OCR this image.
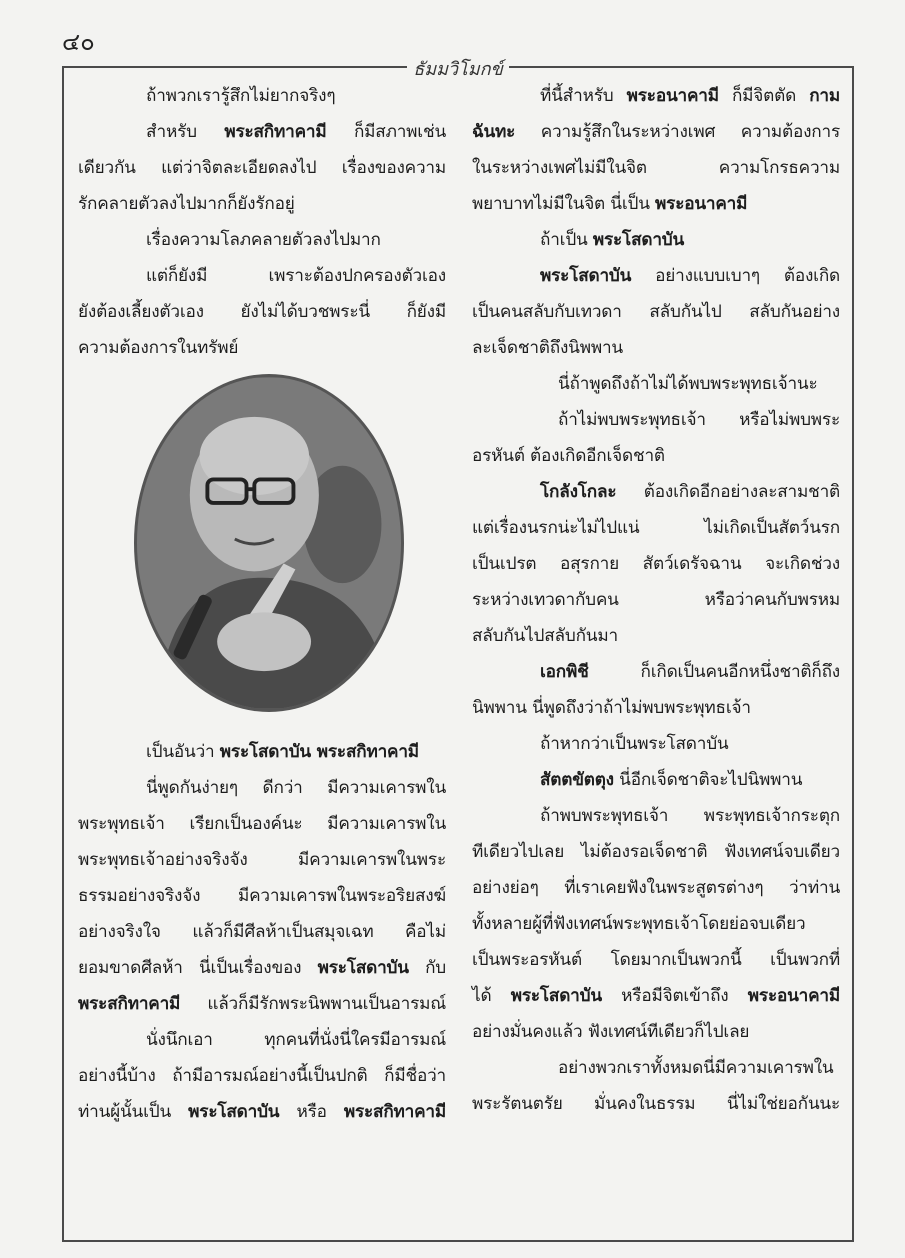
๔๐
ธัมมวิโมกข์
ถ้าพวกเรารู้สึกไม่ยากจริงๆ
สำหรับ พระสกิทาคามี ก็มีสภาพเช่น
เดียวกัน แต่ว่าจิตละเอียดลงไป เรื่องของความ
รักคลายตัวลงไปมากก็ยังรักอยู่
เรื่องความโลภคลายตัวลงไปมาก
แต่ก็ยังมี เพราะต้องปกครองตัวเอง
ยังต้องเลี้ยงตัวเอง ยังไม่ได้บวชพระนี่ ก็ยังมี
ความต้องการในทรัพย์
เป็นอันว่า พระโสดาบัน พระสกิทาคามี
นี่พูดกันง่ายๆ ดีกว่า มีความเคารพใน
พระพุทธเจ้า เรียกเป็นองค์นะ มีความเคารพใน
พระพุทธเจ้าอย่างจริงจัง มีความเคารพในพระ
ธรรมอย่างจริงจัง มีความเคารพในพระอริยสงฆ์
อย่างจริงใจ แล้วก็มีศีลห้าเป็นสมุจเฉท คือไม่
ยอมขาดศีลห้า นี่เป็นเรื่องของ พระโสดาบัน กับ
พระสกิทาคามี แล้วก็มีรักพระนิพพานเป็นอารมณ์
นั่งนึกเอา ทุกคนที่นั่งนี่ใครมีอารมณ์
อย่างนี้บ้าง ถ้ามีอารมณ์อย่างนี้เป็นปกติ ก็มีชื่อว่า
ท่านผู้นั้นเป็น พระโสดาบัน หรือ พระสกิทาคามี
ที่นี้สำหรับ พระอนาคามี ก็มีจิตตัด กาม
ฉันทะ ความรู้สึกในระหว่างเพศ ความต้องการ
ในระหว่างเพศไม่มีในจิต ความโกรธความ
พยาบาทไม่มีในจิต นี่เป็น พระอนาคามี
ถ้าเป็น พระโสดาบัน
พระโสดาบัน อย่างแบบเบาๆ ต้องเกิด
เป็นคนสลับกับเทวดา สลับกันไป สลับกันอย่าง
ละเจ็ดชาติถึงนิพพาน
นี่ถ้าพูดถึงถ้าไม่ได้พบพระพุทธเจ้านะ
ถ้าไม่พบพระพุทธเจ้า หรือไม่พบพระ
อรหันต์ ต้องเกิดอีกเจ็ดชาติ
โกลังโกละ ต้องเกิดอีกอย่างละสามชาติ
แต่เรื่องนรกน่ะไม่ไปแน่ ไม่เกิดเป็นสัตว์นรก
เป็นเปรต อสุรกาย สัตว์เดรัจฉาน จะเกิดช่วง
ระหว่างเทวดากับคน หรือว่าคนกับพรหม
สลับกันไปสลับกันมา
เอกพิชี ก็เกิดเป็นคนอีกหนึ่งชาติก็ถึง
นิพพาน นี่พูดถึงว่าถ้าไม่พบพระพุทธเจ้า
ถ้าหากว่าเป็นพระโสดาบัน
สัตตขัตตุง นี่อีกเจ็ดชาติจะไปนิพพาน
ถ้าพบพระพุทธเจ้า พระพุทธเจ้ากระตุก
ทีเดียวไปเลย ไม่ต้องรอเจ็ดชาติ ฟังเทศน์จบเดียว
อย่างย่อๆ ที่เราเคยฟังในพระสูตรต่างๆ ว่าท่าน
ทั้งหลายผู้ที่ฟังเทศน์พระพุทธเจ้าโดยย่อจบเดียว
เป็นพระอรหันต์ โดยมากเป็นพวกนี้ เป็นพวกที่
ได้ พระโสดาบัน หรือมีจิตเข้าถึง พระอนาคามี
อย่างมั่นคงแล้ว ฟังเทศน์ทีเดียวก็ไปเลย
อย่างพวกเราทั้งหมดนี่มีความเคารพใน
พระรัตนตรัย มั่นคงในธรรม นี่ไม่ใช่ยอกันนะ
